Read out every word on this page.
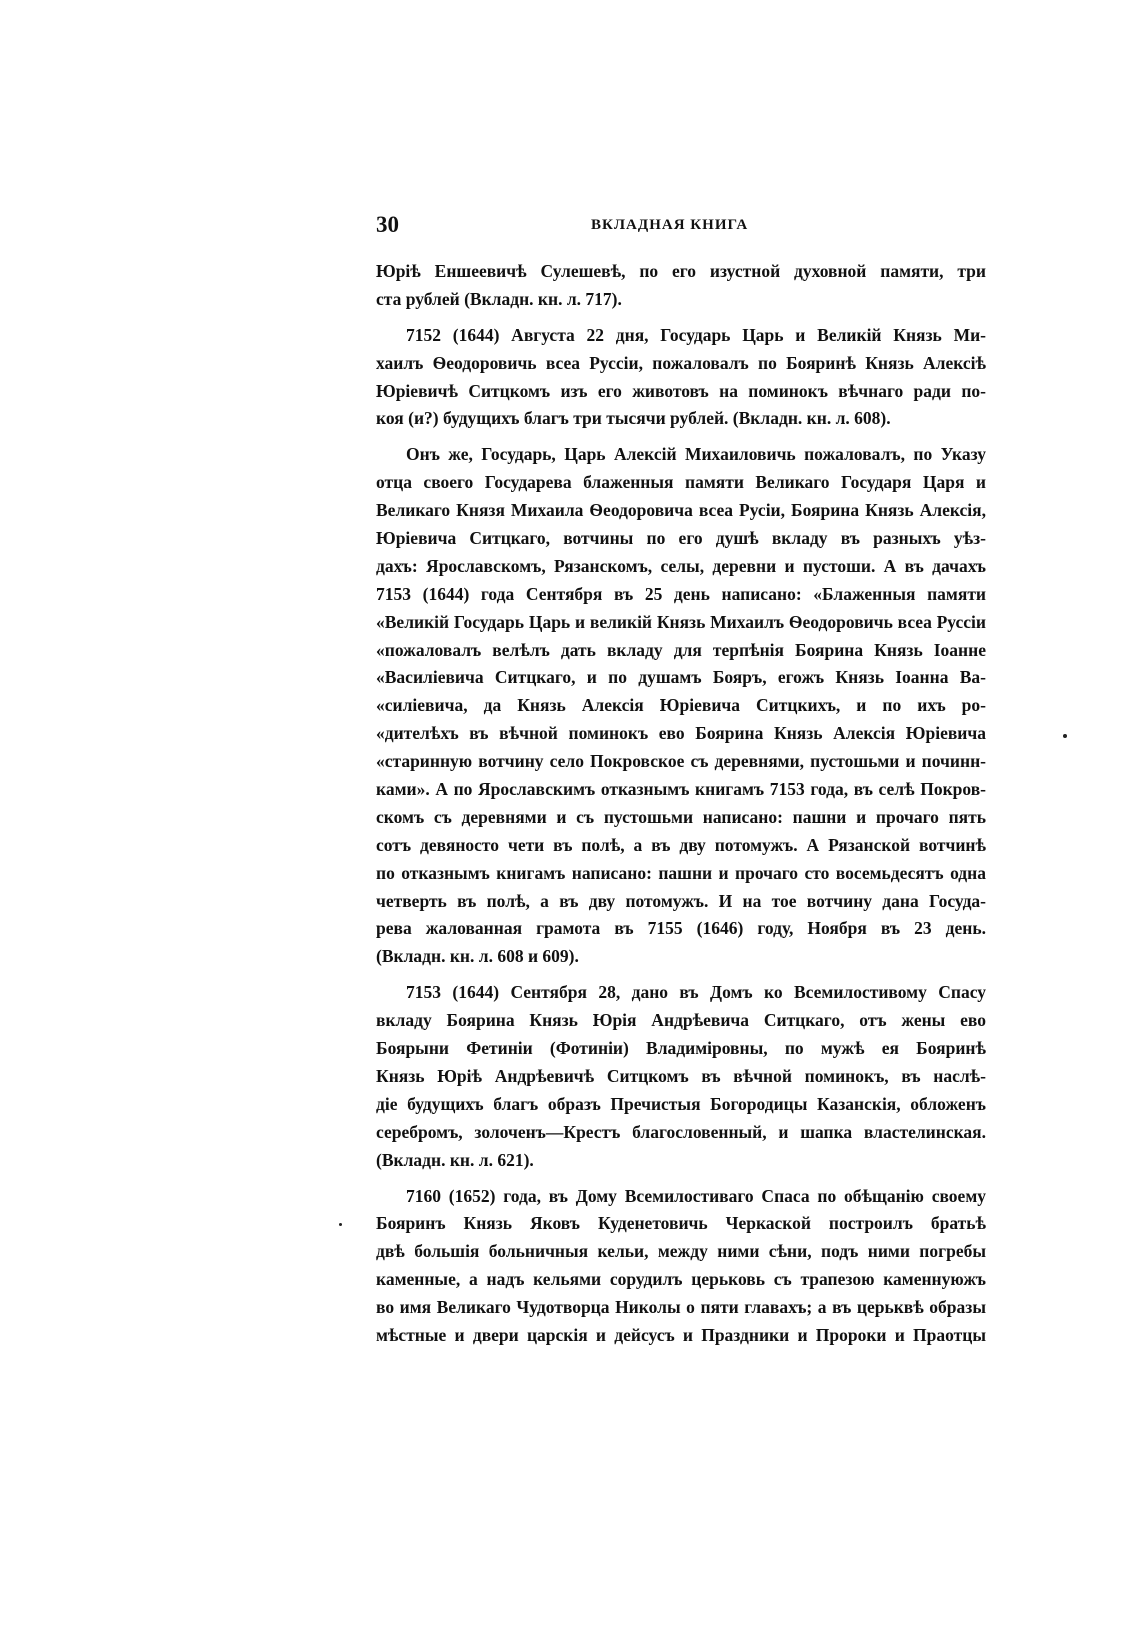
30	ВКЛАДНАЯ КНИГА
Юріѣ Еншеевичѣ Сулешевѣ, по его изустной духовной памяти, три
ста рублей (Вкладн. кн. л. 717).
7152 (1644) Августа 22 дня, Государь Царь и Великій Князь Ми-
хаилъ Ѳеодоровичь всеа Руссіи, пожаловалъ по Бояринѣ Князь Алексіѣ
Юріевичѣ Ситцкомъ изъ его животовъ на поминокъ вѣчнаго ради по-
коя (и?) будущихъ благъ три тысячи рублей. (Вкладн. кн. л. 608).
Онъ же, Государь, Царь Алексій Михаиловичь пожаловалъ, по Указу
отца своего Государева блаженныя памяти Великаго Государя Царя и
Великаго Князя Михаила Ѳеодоровича всеа Русіи, Боярина Князь Алексія,
Юріевича Ситцкаго, вотчины по его душѣ вкладу въ разныхъ уѣз-
дахъ: Ярославскомъ, Рязанскомъ, селы, деревни и пустоши. А въ дачахъ
7153 (1644) года Сентября въ 25 день написано: «Блаженныя памяти
«Великій Государь Царь и великій Князь Михаилъ Ѳеодоровичь всеа Руссіи
«пожаловалъ велѣлъ дать вкладу для терпѣнія Боярина Князь Іоанне
«Василіевича Ситцкаго, и по душамъ Бояръ, егожъ Князь Іоанна Ва-
«силіевича, да Князь Алексія Юріевича Ситцкихъ, и по ихъ ро-
«дителѣхъ въ вѣчной поминокъ ево Боярина Князь Алексія Юріевича
«старинную вотчину село Покровское съ деревнями, пустошьми и починн-
ками». А по Ярославскимъ отказнымъ книгамъ 7153 года, въ селѣ Покров-
скомъ съ деревнями и съ пустошьми написано: пашни и прочаго пять
сотъ девяносто чети въ полѣ, а въ дву потомужъ. А Рязанской вотчинѣ
по отказнымъ книгамъ написано: пашни и прочаго сто восемьдесятъ одна
четверть въ полѣ, а въ дву потомужъ. И на тое вотчину дана Госуда-
рева жалованная грамота въ 7155 (1646) году, Ноября въ 23 день.
(Вкладн. кн. л. 608 и 609).
7153 (1644) Сентября 28, дано въ Домъ ко Всемилостивому Спасу
вкладу Боярина Князь Юрія Андрѣевича Ситцкаго, отъ жены ево
Боярыни Фетиніи (Фотиніи) Владиміровны, по мужѣ ея Бояринѣ
Князь Юріѣ Андрѣевичѣ Ситцкомъ въ вѣчной поминокъ, въ наслѣ-
діе будущихъ благъ образъ Пречистыя Богородицы Казанскія, обложенъ
серебромъ, золоченъ—Крестъ благословенный, и шапка властелинская.
(Вкладн. кн. л. 621).
7160 (1652) года, въ Дому Всемилостиваго Спаса по обѣщанію своему
Бояринъ Князь Яковъ Куденетовичь Черкаской построилъ братьѣ
двѣ большія больничныя кельи, между ними сѣни, подъ ними погребы
каменные, а надъ кельями сорудилъ церьковь съ трапезою каменнуюжъ
во имя Великаго Чудотворца Николы о пяти главахъ; а въ церьквѣ образы
мѣстные и двери царскія и дейсусъ и Праздники и Пророки и Праотцы
